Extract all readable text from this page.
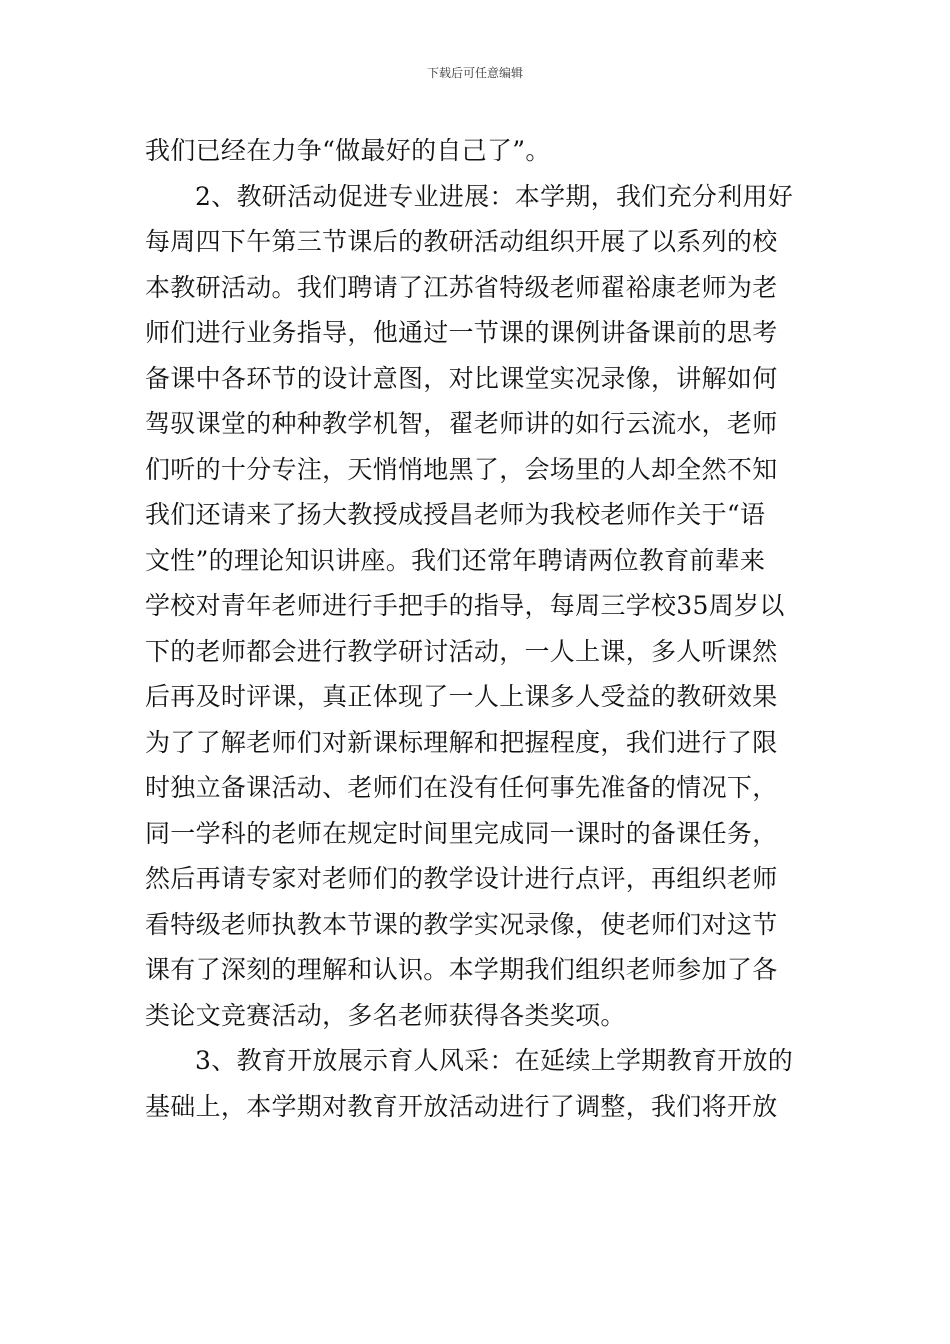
下载后可任意编辑
我们已经在力争“做最好的自己了”。
2、教研活动促进专业进展：本学期，我们充分利用好
每周四下午第三节课后的教研活动组织开展了以系列的校
本教研活动。我们聘请了江苏省特级老师翟裕康老师为老
师们进行业务指导，他通过一节课的课例讲备课前的思考
备课中各环节的设计意图，对比课堂实况录像，讲解如何
驾驭课堂的种种教学机智，翟老师讲的如行云流水，老师
们听的十分专注，天悄悄地黑了，会场里的人却全然不知
我们还请来了扬大教授成授昌老师为我校老师作关于“语
文性”的理论知识讲座。我们还常年聘请两位教育前辈来
学校对青年老师进行手把手的指导，每周三学校35周岁以
下的老师都会进行教学研讨活动，一人上课，多人听课然
后再及时评课，真正体现了一人上课多人受益的教研效果
为了了解老师们对新课标理解和把握程度，我们进行了限
时独立备课活动、老师们在没有任何事先准备的情况下，
同一学科的老师在规定时间里完成同一课时的备课任务，
然后再请专家对老师们的教学设计进行点评，再组织老师
看特级老师执教本节课的教学实况录像，使老师们对这节
课有了深刻的理解和认识。本学期我们组织老师参加了各
类论文竞赛活动，多名老师获得各类奖项。
3、教育开放展示育人风采：在延续上学期教育开放的
基础上，本学期对教育开放活动进行了调整，我们将开放
